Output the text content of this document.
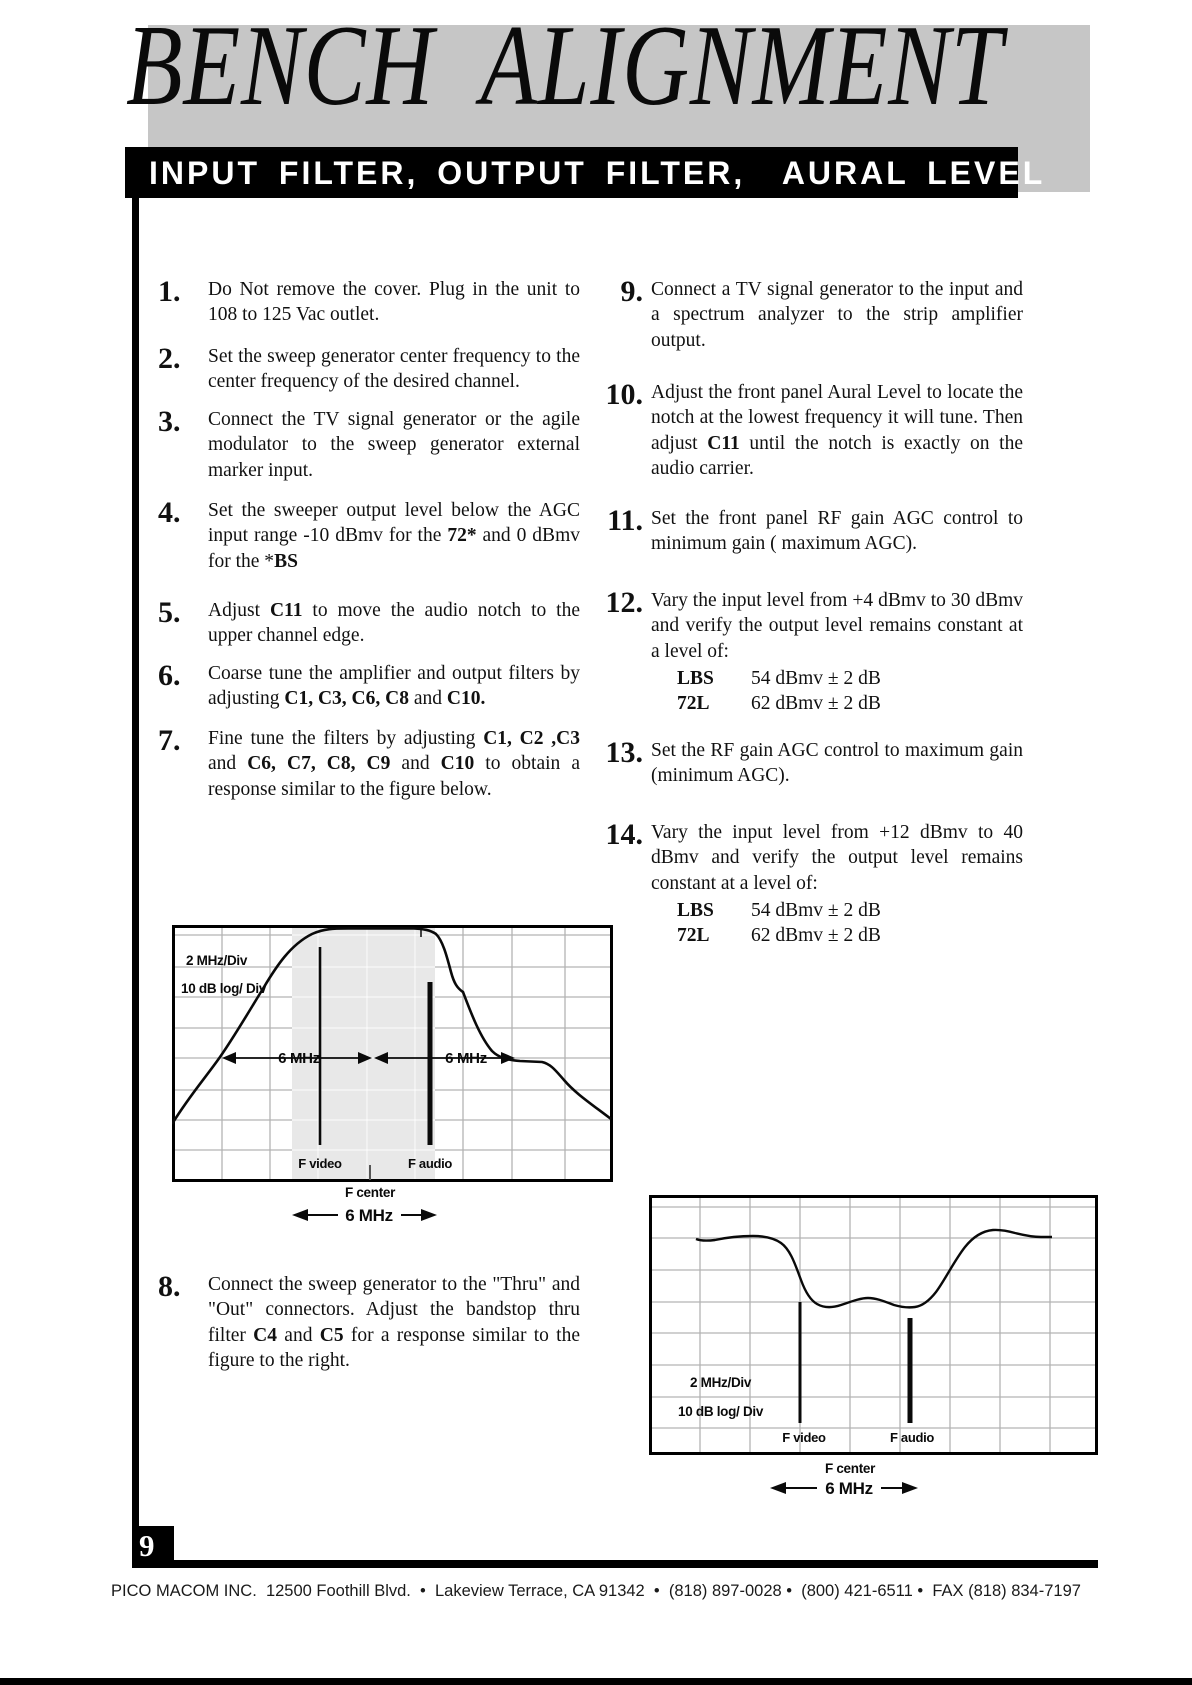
BENCH  ALIGNMENT
INPUT FILTER, OUTPUT FILTER,  AURAL LEVEL
1.	Do Not remove the cover. Plug in the unit to 108 to 125 Vac outlet.
2.	Set the sweep generator center frequency to the center frequency of the desired channel.
3.	Connect the TV signal generator or the agile modulator to the sweep generator external marker input.
4.	Set the sweeper output level below the AGC input range -10 dBmv for the 72* and 0 dBmv for the *BS
5.	Adjust C11 to move the audio notch to the upper channel edge.
6.	Coarse tune the amplifier and output filters by adjusting C1, C3, C6, C8 and C10.
7.	Fine tune the filters by adjusting C1, C2 ,C3 and C6, C7, C8, C9 and C10 to obtain a response similar to the figure below.
8.	Connect the sweep generator to the "Thru" and "Out" connectors. Adjust the bandstop thru filter C4 and C5 for a response similar to the figure to the right.
9. Connect a TV signal generator to the input and a spectrum analyzer to the strip amplifier output.
10. Adjust the front panel Aural Level to locate the notch at the lowest frequency it will tune. Then adjust C11 until the notch is exactly on the audio carrier.
11. Set the front panel RF gain AGC control to minimum gain ( maximum AGC).
12. Vary the input level from +4 dBmv to 30 dBmv and verify the output level remains constant at a level of:
LBS 54 dBmv ± 2 dB
72L 62 dBmv ± 2 dB
13. Set the RF gain AGC control to maximum gain (minimum AGC).
14. Vary the input level from +12 dBmv to 40 dBmv and verify the output level remains constant at a level of:
LBS 54 dBmv ± 2 dB
72L 62 dBmv ± 2 dB
2 MHz/Div
10 dB log/ Div
6 MHz	6 MHz
F video	F audio
F center
6 MHz
2 MHz/Div
10 dB log/ Div
F video	F audio
F center
6 MHz
9
PICO MACOM INC.  12500 Foothill Blvd.  •  Lakeview Terrace, CA 91342  •  (818) 897-0028 •  (800) 421-6511 •  FAX (818) 834-7197
